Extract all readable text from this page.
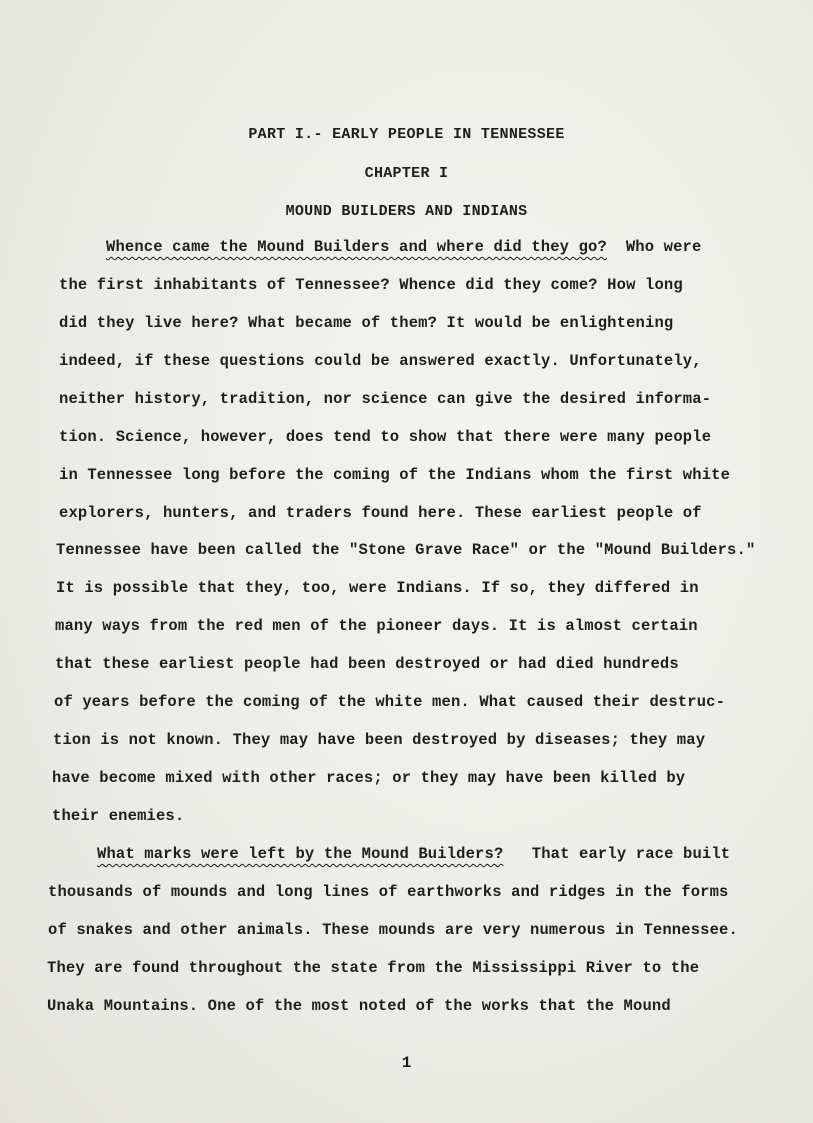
PART I.- EARLY PEOPLE IN TENNESSEE
CHAPTER I
MOUND BUILDERS AND INDIANS
Whence came the Mound Builders and where did they go?  Who were
the first inhabitants of Tennessee? Whence did they come? How long
did they live here? What became of them? It would be enlightening
indeed, if these questions could be answered exactly. Unfortunately,
neither history, tradition, nor science can give the desired informa-
tion. Science, however, does tend to show that there were many people
in Tennessee long before the coming of the Indians whom the first white
explorers, hunters, and traders found here. These earliest people of
Tennessee have been called the "Stone Grave Race" or the "Mound Builders."
It is possible that they, too, were Indians. If so, they differed in
many ways from the red men of the pioneer days. It is almost certain
that these earliest people had been destroyed or had died hundreds
of years before the coming of the white men. What caused their destruc-
tion is not known. They may have been destroyed by diseases; they may
have become mixed with other races; or they may have been killed by
their enemies.
What marks were left by the Mound Builders?   That early race built
thousands of mounds and long lines of earthworks and ridges in the forms
of snakes and other animals. These mounds are very numerous in Tennessee.
They are found throughout the state from the Mississippi River to the
Unaka Mountains. One of the most noted of the works that the Mound
1
